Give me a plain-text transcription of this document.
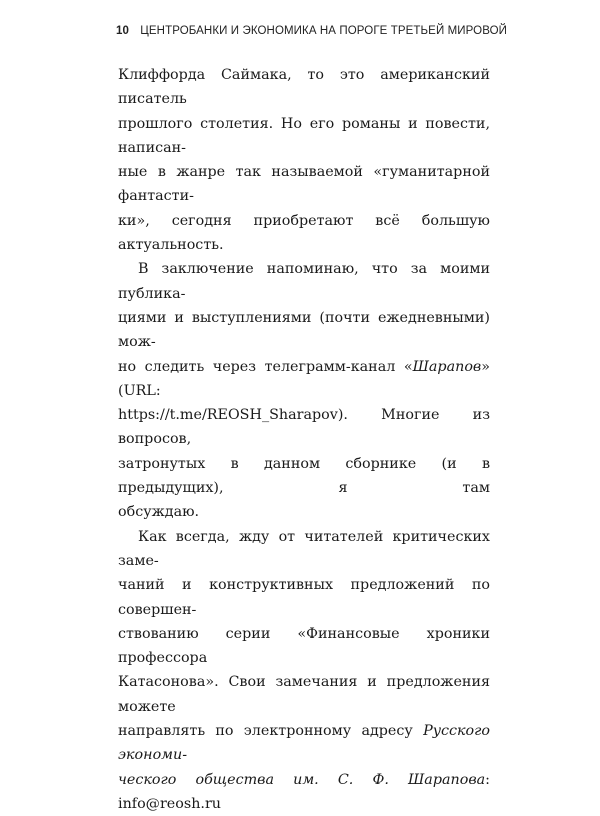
10 ЦЕНТРОБАНКИ И ЭКОНОМИКА НА ПОРОГЕ ТРЕТЬЕЙ МИРОВОЙ
Клиффорда Саймака, то это американский писатель
прошлого столетия. Но его романы и повести, написан-
ные в жанре так называемой «гуманитарной фантасти-
ки», сегодня приобретают всё большую актуальность.
В заключение напоминаю, что за моими публика-
циями и выступлениями (почти ежедневными) мож-
но следить через телеграмм-канал «Шарапов» (URL:
https://t.me/REOSH_Sharapov). Многие из вопросов,
затронутых в данном сборнике (и в предыдущих), я там
обсуждаю.
Как всегда, жду от читателей критических заме-
чаний и конструктивных предложений по совершен-
ствованию серии «Финансовые хроники профессора
Катасонова». Свои замечания и предложения можете
направлять по электронному адресу Русского экономи-
ческого общества им. С. Ф. Шарапова: info@reosh.ru
